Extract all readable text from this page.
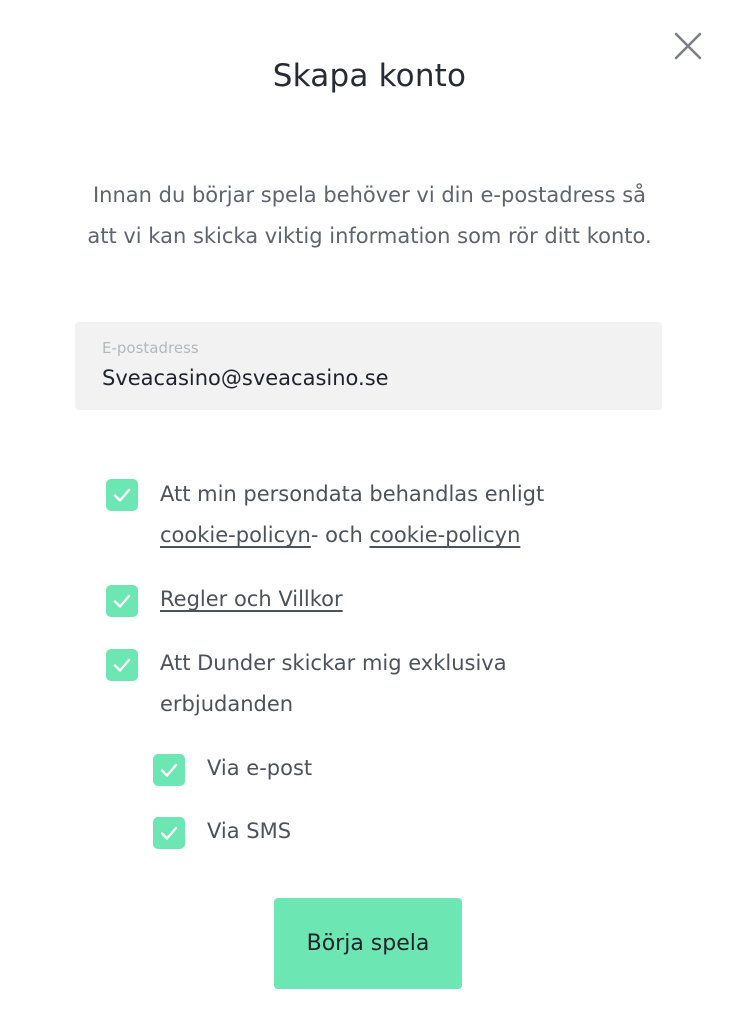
Skapa konto
Innan du börjar spela behöver vi din e-postadress så att vi kan skicka viktig information som rör ditt konto.
E-postadress
Sveacasino@sveacasino.se
Att min persondata behandlas enligt cookie-policyn- och cookie-policyn
Regler och Villkor
Att Dunder skickar mig exklusiva erbjudanden
Via e-post
Via SMS
Börja spela
